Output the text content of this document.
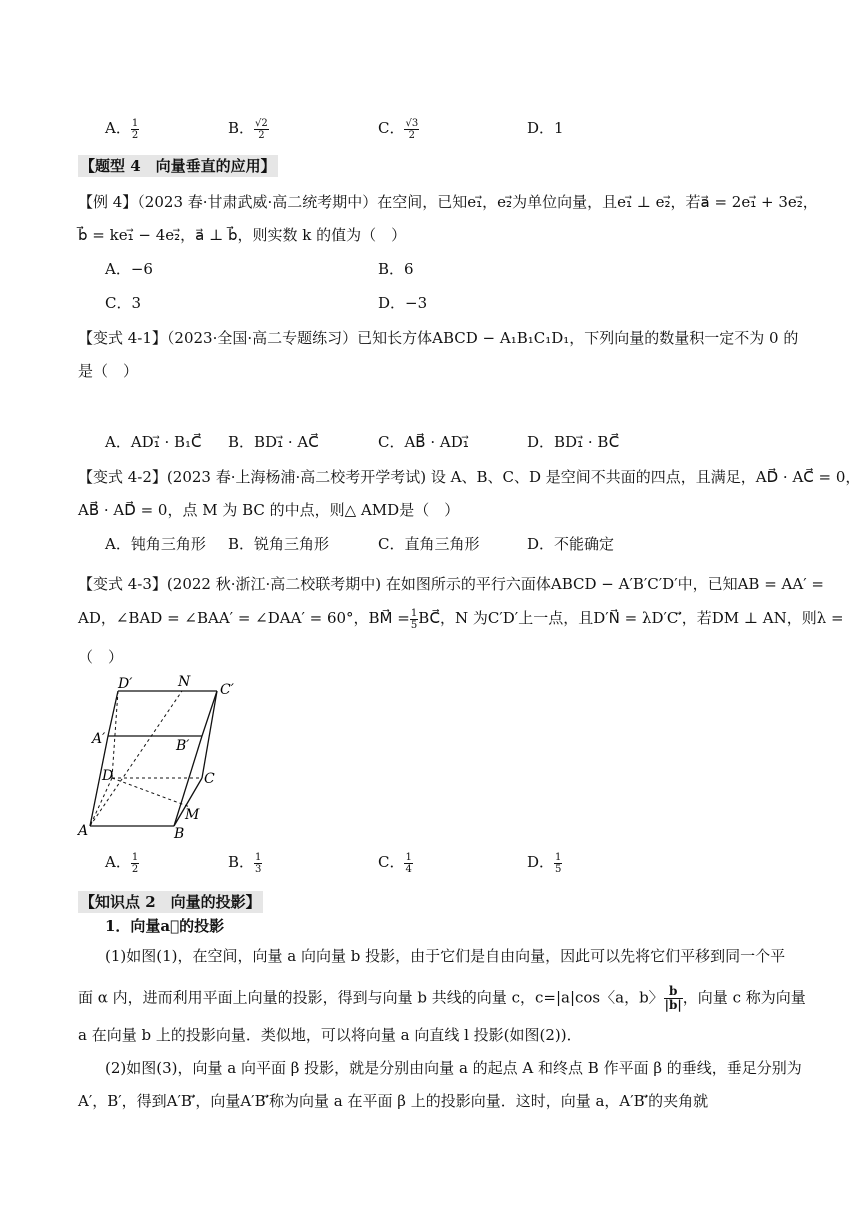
A． $\frac{1}{2}$	B． $\frac{√2}{2}$	C． $\frac{√3}{2}$	D．1
【题型 4　向量垂直的应用】
【例 4】（2023 春·甘肃武威·高二统考期中）在空间，已知e₁⃗，e₂⃗为单位向量，且e₁⃗ ⊥ e₂⃗，若a⃗ = 2e₁⃗ + 3e₂⃗，
b⃗ = ke₁⃗ − 4e₂⃗，a⃗ ⊥ b⃗，则实数 k 的值为（　）
A．−6	B．6
C．3	D．−3
【变式 4-1】（2023·全国·高二专题练习）已知长方体ABCD − A₁B₁C₁D₁，下列向量的数量积一定不为 0 的
是（　）
A．AD₁⃗ · B₁C⃗ B．BD₁⃗ · AC⃗	C．AB⃗ · AD₁⃗	D．BD₁⃗ · BC⃗
【变式 4-2】(2023 春·上海杨浦·高二校考开学考试) 设 A、B、C、D 是空间不共面的四点，且满足，AD⃗ · AC⃗ = 0，
AB⃗ · AD⃗ = 0，点 M 为 BC 的中点，则△ AMD是（　）
A．钝角三角形 B．锐角三角形	C．直角三角形	D．不能确定
【变式 4-3】(2022 秋·浙江·高二校联考期中) 在如图所示的平行六面体ABCD − A′B′C′D′中，已知AB = AA′ =
AD，∠BAD = ∠BAA′ = ∠DAA′ = 60°，BM⃗ = $\frac{1}{5}$ BC⃗，N 为C′D′上一点，且D′N⃗ = λD′C′⃗，若DM ⊥ AN，则λ =
（　）
D′	N C′
A′	B′
D	C
A	B
M
A． $\frac{1}{2}$	B． $\frac{1}{3}$	C． $\frac{1}{4}$	D． $\frac{1}{5}$
【知识点 2　向量的投影】
1．向量a⃗的投影
(1)如图(1)，在空间，向量 a 向向量 b 投影，由于它们是自由向量，因此可以先将它们平移到同一个平
面 α 内，进而利用平面上向量的投影，得到与向量 b 共线的向量 c，c=|a|cos〈a，b〉 $\frac{b}{|b|}$ ，向量 c 称为向量
a 在向量 b 上的投影向量．类似地，可以将向量 a 向直线 l 投影(如图(2))．
(2)如图(3)，向量 a 向平面 β 投影，就是分别由向量 a 的起点 A 和终点 B 作平面 β 的垂线，垂足分别为
A′，B′，得到A′B′⃗，向量A′B′⃗称为向量 a 在平面 β 上的投影向量．这时，向量 a，A′B′⃗的夹角就
